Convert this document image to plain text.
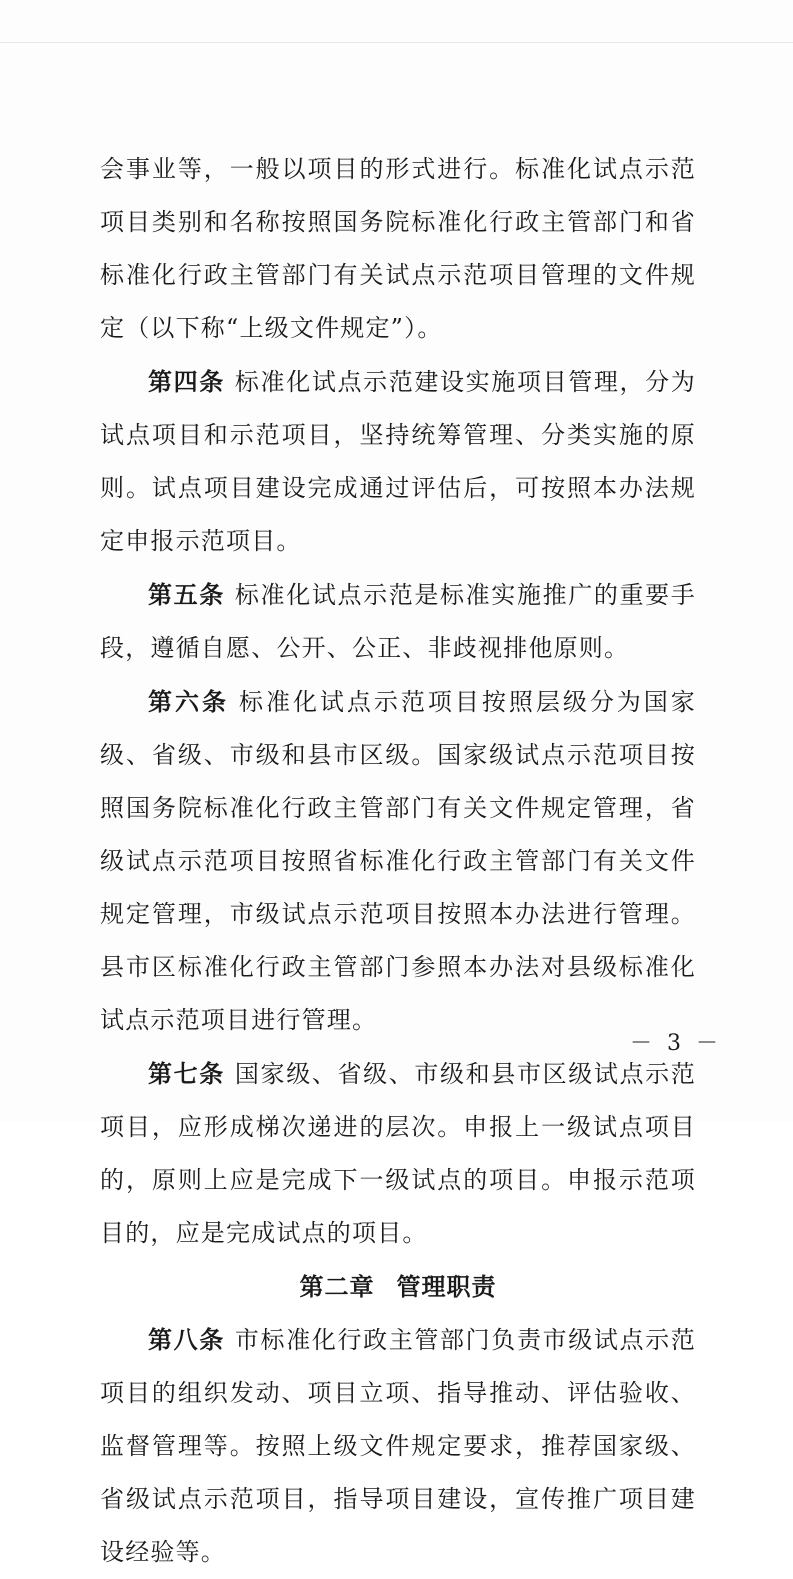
会事业等，一般以项目的形式进行。标准化试点示范项目类别和名称按照国务院标准化行政主管部门和省标准化行政主管部门有关试点示范项目管理的文件规定（以下称“上级文件规定”）。

第四条 标准化试点示范建设实施项目管理，分为试点项目和示范项目，坚持统筹管理、分类实施的原则。试点项目建设完成通过评估后，可按照本办法规定申报示范项目。

第五条 标准化试点示范是标准实施推广的重要手段，遵循自愿、公开、公正、非歧视排他原则。

第六条 标准化试点示范项目按照层级分为国家级、省级、市级和县市区级。国家级试点示范项目按照国务院标准化行政主管部门有关文件规定管理，省级试点示范项目按照省标准化行政主管部门有关文件规定管理，市级试点示范项目按照本办法进行管理。县市区标准化行政主管部门参照本办法对县级标准化试点示范项目进行管理。

第七条 国家级、省级、市级和县市区级试点示范项目，应形成梯次递进的层次。申报上一级试点项目的，原则上应是完成下一级试点的项目。申报示范项目的，应是完成试点的项目。

第二章 管理职责

第八条 市标准化行政主管部门负责市级试点示范项目的组织发动、项目立项、指导推动、评估验收、监督管理等。按照上级文件规定要求，推荐国家级、省级试点示范项目，指导项目建设，宣传推广项目建设经验等。

－ 3 －
